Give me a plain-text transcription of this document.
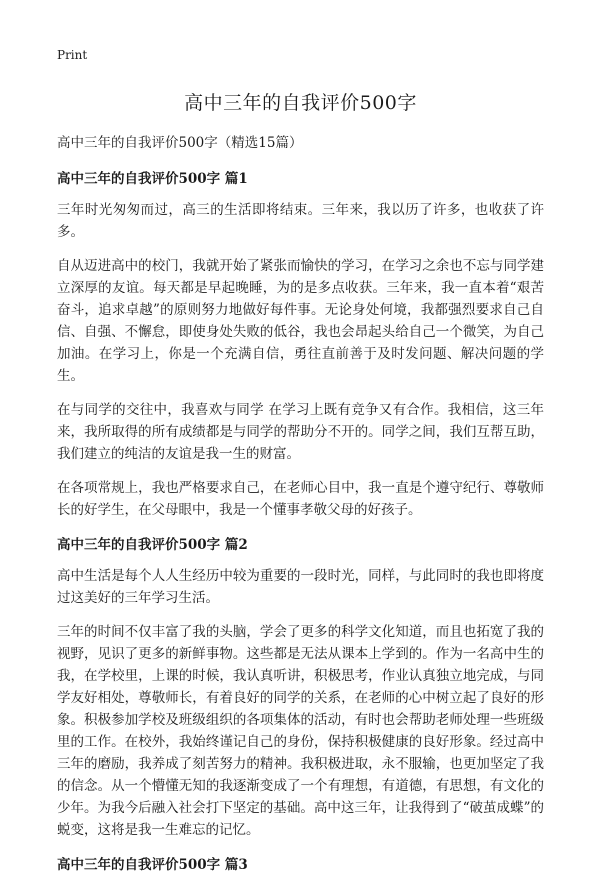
Print
高中三年的自我评价500字

高中三年的自我评价500字（精选15篇）

高中三年的自我评价500字 篇1

三年时光匆匆而过，高三的生活即将结束。三年来，我以历了许多，也收获了许多。

自从迈进高中的校门，我就开始了紧张而愉快的学习，在学习之余也不忘与同学建立深厚的友谊。每天都是早起晚睡，为的是多点收获。三年来，我一直本着“艰苦奋斗，追求卓越”的原则努力地做好每件事。无论身处何境，我都强烈要求自己自信、自强、不懈怠，即使身处失败的低谷，我也会昂起头给自己一个微笑，为自己加油。在学习上，你是一个充满自信，勇往直前善于及时发问题、解决问题的学生。

在与同学的交往中，我喜欢与同学 在学习上既有竞争又有合作。我相信，这三年来，我所取得的所有成绩都是与同学的帮助分不开的。同学之间，我们互帮互助，我们建立的纯洁的友谊是我一生的财富。

在各项常规上，我也严格要求自己，在老师心目中，我一直是个遵守纪行、尊敬师长的好学生，在父母眼中，我是一个懂事孝敬父母的好孩子。

高中三年的自我评价500字 篇2

高中生活是每个人人生经历中较为重要的一段时光，同样，与此同时的我也即将度过这美好的三年学习生活。

三年的时间不仅丰富了我的头脑，学会了更多的科学文化知道，而且也拓宽了我的视野，见识了更多的新鲜事物。这些都是无法从课本上学到的。作为一名高中生的我，在学校里，上课的时候，我认真听讲，积极思考，作业认真独立地完成，与同学友好相处，尊敬师长，有着良好的同学的关系，在老师的心中树立起了良好的形象。积极参加学校及班级组织的各项集体的活动，有时也会帮助老师处理一些班级里的工作。在校外，我始终谨记自己的身份，保持积极健康的良好形象。经过高中三年的磨励，我养成了刻苦努力的精神。我积极进取，永不服输，也更加坚定了我的信念。从一个懵懂无知的我逐渐变成了一个有理想，有道德，有思想，有文化的少年。为我今后融入社会打下坚定的基础。高中这三年，让我得到了“破茧成蝶”的蜕变，这将是我一生难忘的记忆。

高中三年的自我评价500字 篇3
